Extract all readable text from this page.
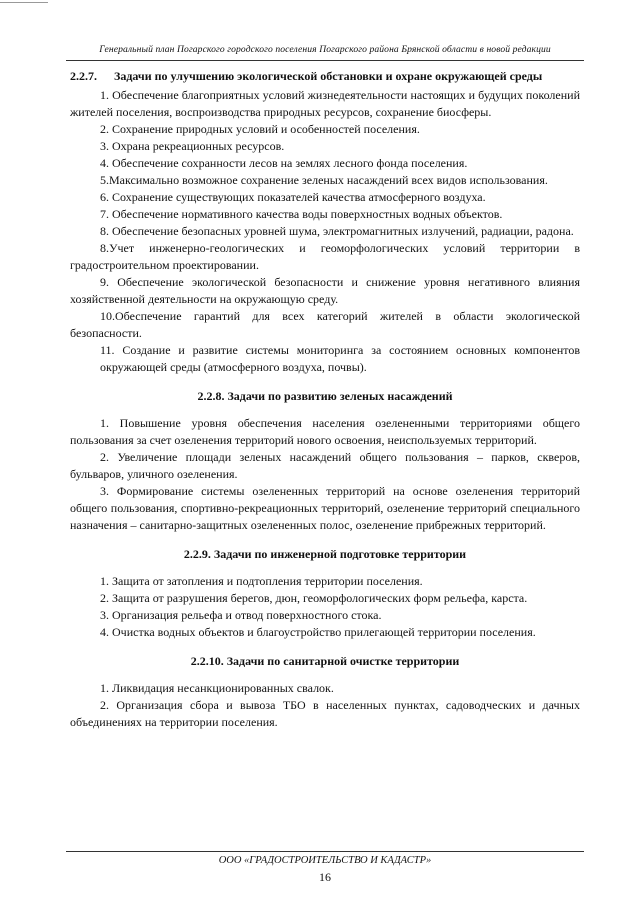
Генеральный план Погарского городского поселения Погарского района Брянской области в новой редакции

2.2.7. Задачи по улучшению экологической обстановки и охране окружающей среды

1. Обеспечение благоприятных условий жизнедеятельности настоящих и будущих поколений жителей поселения, воспроизводства природных ресурсов, сохранение биосферы.

2. Сохранение природных условий и особенностей поселения.

3. Охрана рекреационных ресурсов.

4. Обеспечение сохранности лесов на землях лесного фонда поселения.

5.Максимально возможное сохранение зеленых насаждений всех видов использования.

6. Сохранение существующих показателей качества атмосферного воздуха.

7. Обеспечение нормативного качества воды поверхностных водных объектов.

8. Обеспечение безопасных уровней шума, электромагнитных излучений, радиации, радона.

8.Учет инженерно-геологических и геоморфологических условий территории в градостроительном проектировании.

9. Обеспечение экологической безопасности и снижение уровня негативного влияния хозяйственной деятельности на окружающую среду.

10.Обеспечение гарантий для всех категорий жителей в области экологической безопасности.

11. Создание и развитие системы мониторинга за состоянием основных компонентов окружающей среды (атмосферного воздуха, почвы).

2.2.8. Задачи по развитию зеленых насаждений

1. Повышение уровня обеспечения населения озелененными территориями общего пользования за счет озеленения территорий нового освоения, неиспользуемых территорий.

2. Увеличение площади зеленых насаждений общего пользования – парков, скверов, бульваров, уличного озеленения.

3. Формирование системы озелененных территорий на основе озеленения территорий общего пользования, спортивно-рекреационных территорий, озеленение территорий специального назначения – санитарно-защитных озелененных полос, озеленение прибрежных территорий.

2.2.9. Задачи по инженерной подготовке территории

1. Защита от затопления и подтопления территории поселения.

2. Защита от разрушения берегов, дюн, геоморфологических форм рельефа, карста.

3. Организация рельефа и отвод поверхностного стока.

4. Очистка водных объектов и благоустройство прилегающей территории поселения.

2.2.10. Задачи по санитарной очистке территории

1. Ликвидация несанкционированных свалок.

2. Организация сбора и вывоза ТБО в населенных пунктах, садоводческих и дачных объединениях на территории поселения.

ООО «ГРАДОСТРОИТЕЛЬСТВО И КАДАСТР»
16
